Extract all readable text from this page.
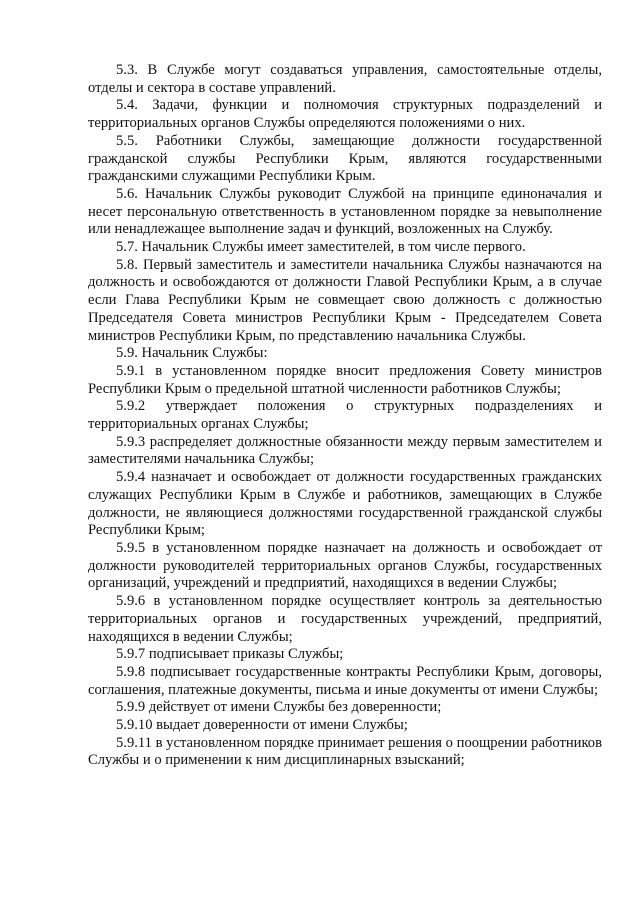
5.3. В Службе могут создаваться управления, самостоятельные отделы, отделы и сектора в составе управлений.

5.4. Задачи, функции и полномочия структурных подразделений и территориальных органов Службы определяются положениями о них.

5.5. Работники Службы, замещающие должности государственной гражданской службы Республики Крым, являются государственными гражданскими служащими Республики Крым.

5.6. Начальник Службы руководит Службой на принципе единоначалия и несет персональную ответственность в установленном порядке за невыполнение или ненадлежащее выполнение задач и функций, возложенных на Службу.

5.7. Начальник Службы имеет заместителей, в том числе первого.

5.8. Первый заместитель и заместители начальника Службы назначаются на должность и освобождаются от должности Главой Республики Крым, а в случае если Глава Республики Крым не совмещает свою должность с должностью Председателя Совета министров Республики Крым - Председателем Совета министров Республики Крым, по представлению начальника Службы.

5.9. Начальник Службы:

5.9.1 в установленном порядке вносит предложения Совету министров Республики Крым о предельной штатной численности работников Службы;

5.9.2 утверждает положения о структурных подразделениях и территориальных органах Службы;

5.9.3 распределяет должностные обязанности между первым заместителем и заместителями начальника Службы;

5.9.4 назначает и освобождает от должности государственных гражданских служащих Республики Крым в Службе и работников, замещающих в Службе должности, не являющиеся должностями государственной гражданской службы Республики Крым;

5.9.5 в установленном порядке назначает на должность и освобождает от должности руководителей территориальных органов Службы, государственных организаций, учреждений и предприятий, находящихся в ведении Службы;

5.9.6 в установленном порядке осуществляет контроль за деятельностью территориальных органов и государственных учреждений, предприятий, находящихся в ведении Службы;

5.9.7 подписывает приказы Службы;

5.9.8 подписывает государственные контракты Республики Крым, договоры, соглашения, платежные документы, письма и иные документы от имени Службы;

5.9.9 действует от имени Службы без доверенности;

5.9.10 выдает доверенности от имени Службы;

5.9.11 в установленном порядке принимает решения о поощрении работников Службы и о применении к ним дисциплинарных взысканий;
